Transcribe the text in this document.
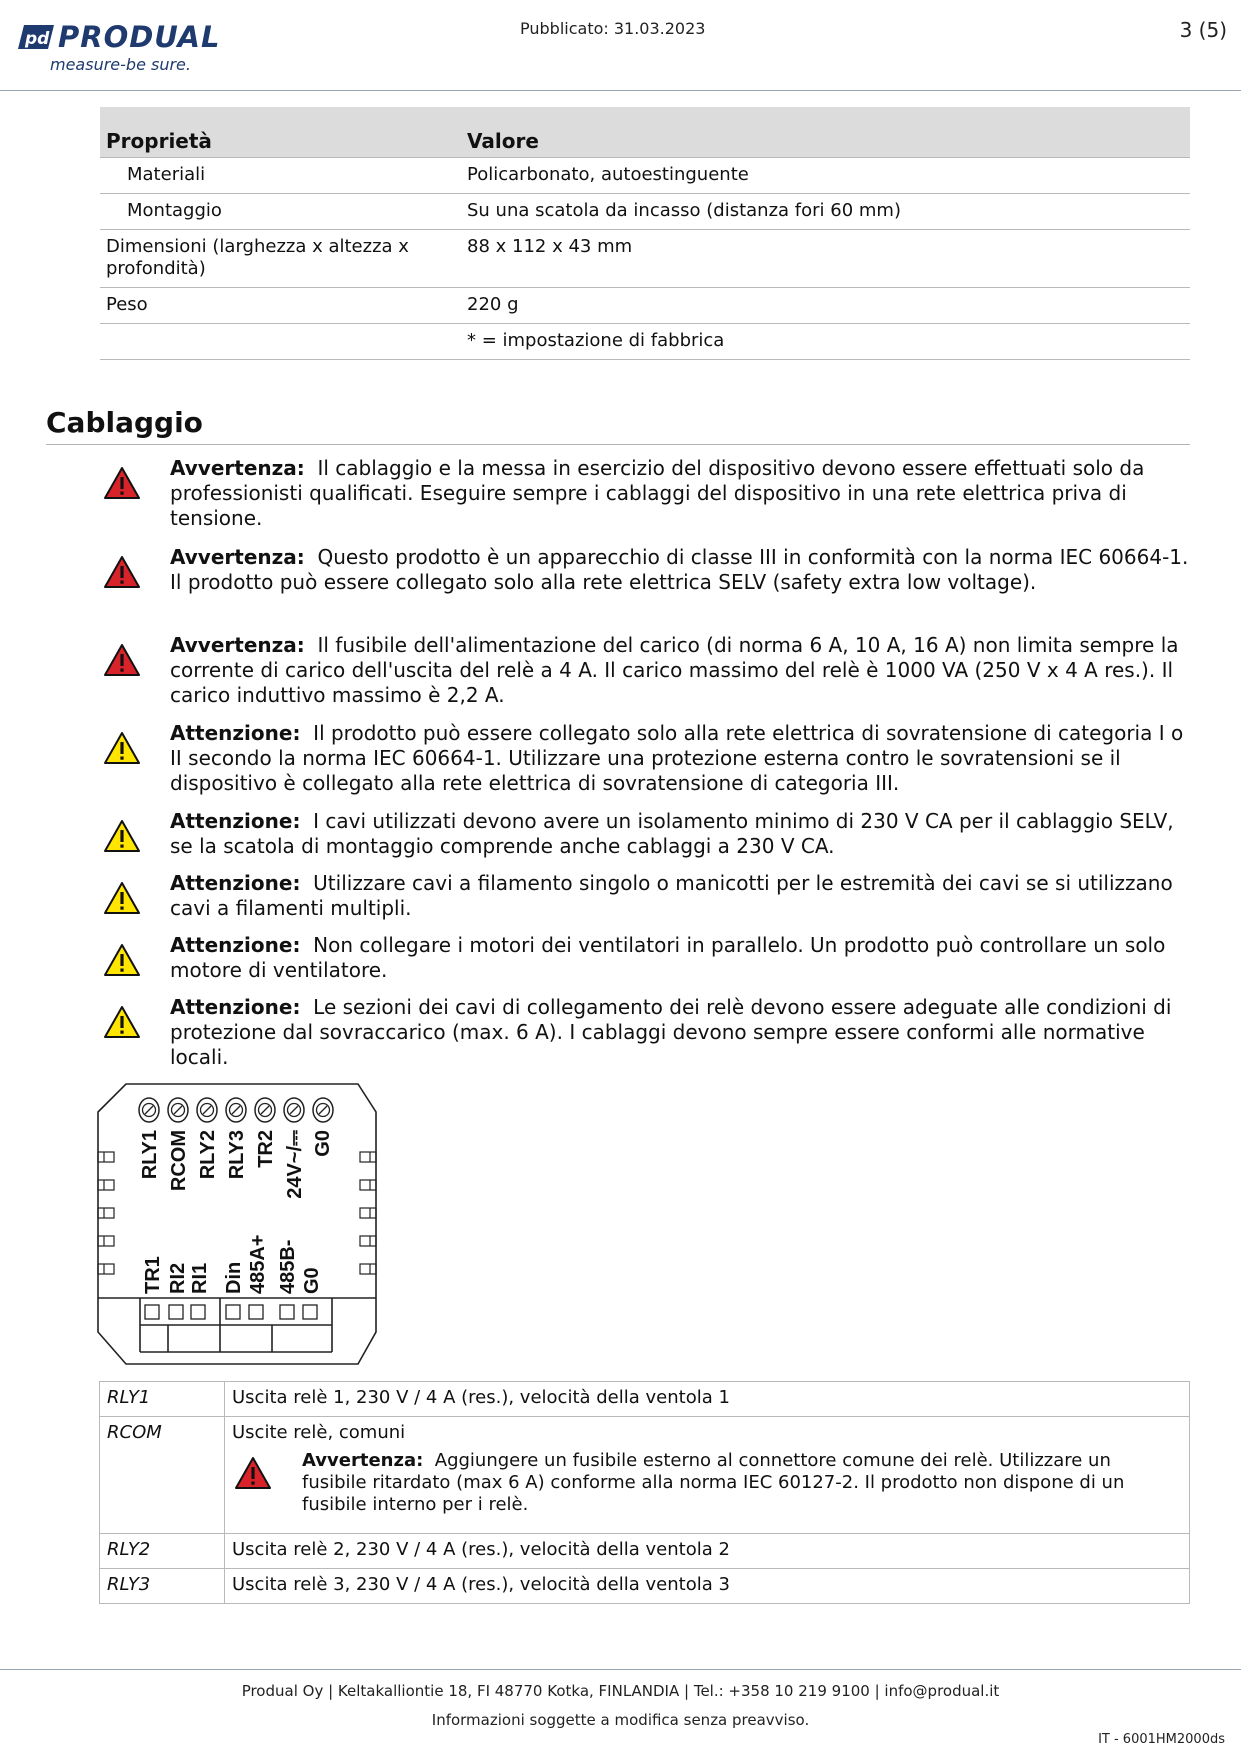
pd PRODUAL
measure-be sure.
Pubblicato: 31.03.2023	3 (5)
Proprietà	Valore
Materiali	Policarbonato, autoestinguente
Montaggio	Su una scatola da incasso (distanza fori 60 mm)
Dimensioni (larghezza x altezza x profondità)	88 x 112 x 43 mm
Peso	220 g
	* = impostazione di fabbrica
Cablaggio
Avvertenza: Il cablaggio e la messa in esercizio del dispositivo devono essere effettuati solo da professionisti qualificati. Eseguire sempre i cablaggi del dispositivo in una rete elettrica priva di tensione.
Avvertenza: Questo prodotto è un apparecchio di classe III in conformità con la norma IEC 60664-1. Il prodotto può essere collegato solo alla rete elettrica SELV (safety extra low voltage).
Avvertenza: Il fusibile dell'alimentazione del carico (di norma 6 A, 10 A, 16 A) non limita sempre la corrente di carico dell'uscita del relè a 4 A. Il carico massimo del relè è 1000 VA (250 V x 4 A res.). Il carico induttivo massimo è 2,2 A.
Attenzione: Il prodotto può essere collegato solo alla rete elettrica di sovratensione di categoria I o II secondo la norma IEC 60664-1. Utilizzare una protezione esterna contro le sovratensioni se il dispositivo è collegato alla rete elettrica di sovratensione di categoria III.
Attenzione: I cavi utilizzati devono avere un isolamento minimo di 230 V CA per il cablaggio SELV, se la scatola di montaggio comprende anche cablaggi a 230 V CA.
Attenzione: Utilizzare cavi a filamento singolo o manicotti per le estremità dei cavi se si utilizzano cavi a filamenti multipli.
Attenzione: Non collegare i motori dei ventilatori in parallelo. Un prodotto può controllare un solo motore di ventilatore.
Attenzione: Le sezioni dei cavi di collegamento dei relè devono essere adeguate alle condizioni di protezione dal sovraccarico (max. 6 A). I cablaggi devono sempre essere conformi alle normative locali.
RLY1 RCOM RLY2 RLY3 TR2 24V~/⎓ G0
TR1 RI2 RI1 Din 485A+ 485B- G0
RLY1	Uscita relè 1, 230 V / 4 A (res.), velocità della ventola 1

RCOM	Uscite relè, comuni
Avvertenza: Aggiungere un fusibile esterno al connettore comune dei relè. Utilizzare un fusibile ritardato (max 6 A) conforme alla norma IEC 60127-2. Il prodotto non dispone di un fusibile interno per i relè.

RLY2	Uscita relè 2, 230 V / 4 A (res.), velocità della ventola 2

RLY3	Uscita relè 3, 230 V / 4 A (res.), velocità della ventola 3
Produal Oy | Keltakalliontie 18, FI 48770 Kotka, FINLANDIA | Tel.: +358 10 219 9100 | info@produal.it
Informazioni soggette a modifica senza preavviso.
IT - 6001HM2000ds
